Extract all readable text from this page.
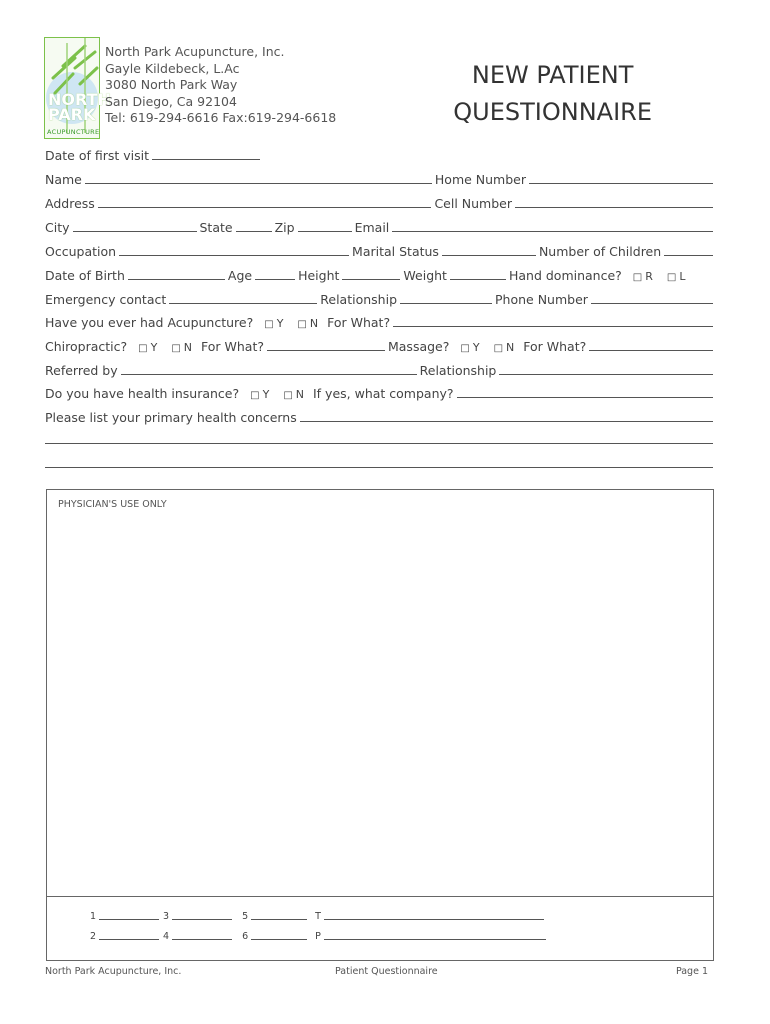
NORTH
PARK
ACUPUNCTURE
North Park Acupuncture, Inc.
Gayle Kildebeck, L.Ac
3080 North Park Way
San Diego, Ca 92104
Tel: 619-294-6616 Fax:619-294-6618
NEW PATIENT
QUESTIONNAIRE
Date of first visit
Name	Home Number
Address	Cell Number
City	State	Zip	Email
Occupation	Marital Status	Number of Children
Date of Birth	Age	Height	Weight	Hand dominance?	□ R	□ L
Emergency contact	Relationship	Phone Number
Have you ever had Acupuncture?	□ Y	□ N For What?
Chiropractic?	□ Y	□ N For What?	Massage?	□ Y	□ N For What?
Referred by	Relationship
Do you have health insurance?	□ Y	□ N If yes, what company?
Please list your primary health concerns
PHYSICIAN'S USE ONLY
1	3	5	T
2	4	6	P
North Park Acupuncture, Inc.	Patient Questionnaire	Page 1
